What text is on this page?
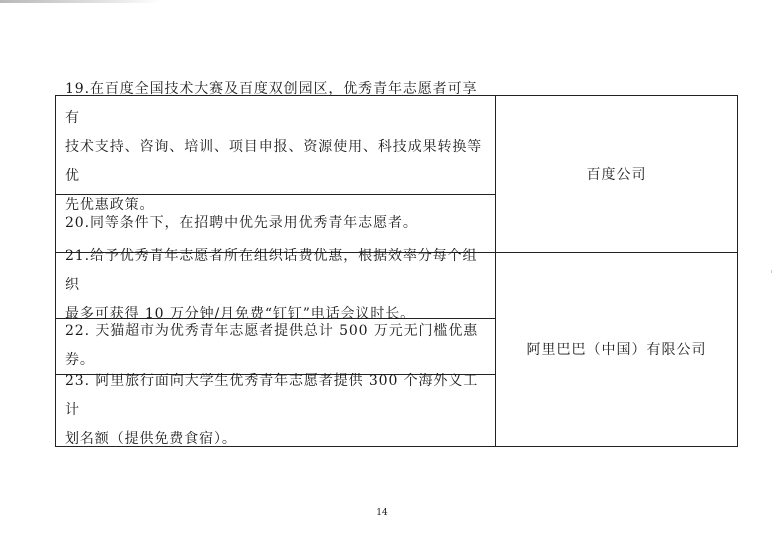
19.在百度全国技术大赛及百度双创园区，优秀青年志愿者可享有
技术支持、咨询、培训、项目申报、资源使用、科技成果转换等优
先优惠政策。
20.同等条件下，在招聘中优先录用优秀青年志愿者。
21.给予优秀青年志愿者所在组织话费优惠，根据效率分每个组织
最多可获得 10 万分钟/月免费“钉钉”电话会议时长。
22. 天猫超市为优秀青年志愿者提供总计 500 万元无门槛优惠券。
23. 阿里旅行面向大学生优秀青年志愿者提供 300 个海外义工计
划名额（提供免费食宿）。
百度公司
阿里巴巴（中国）有限公司
14
